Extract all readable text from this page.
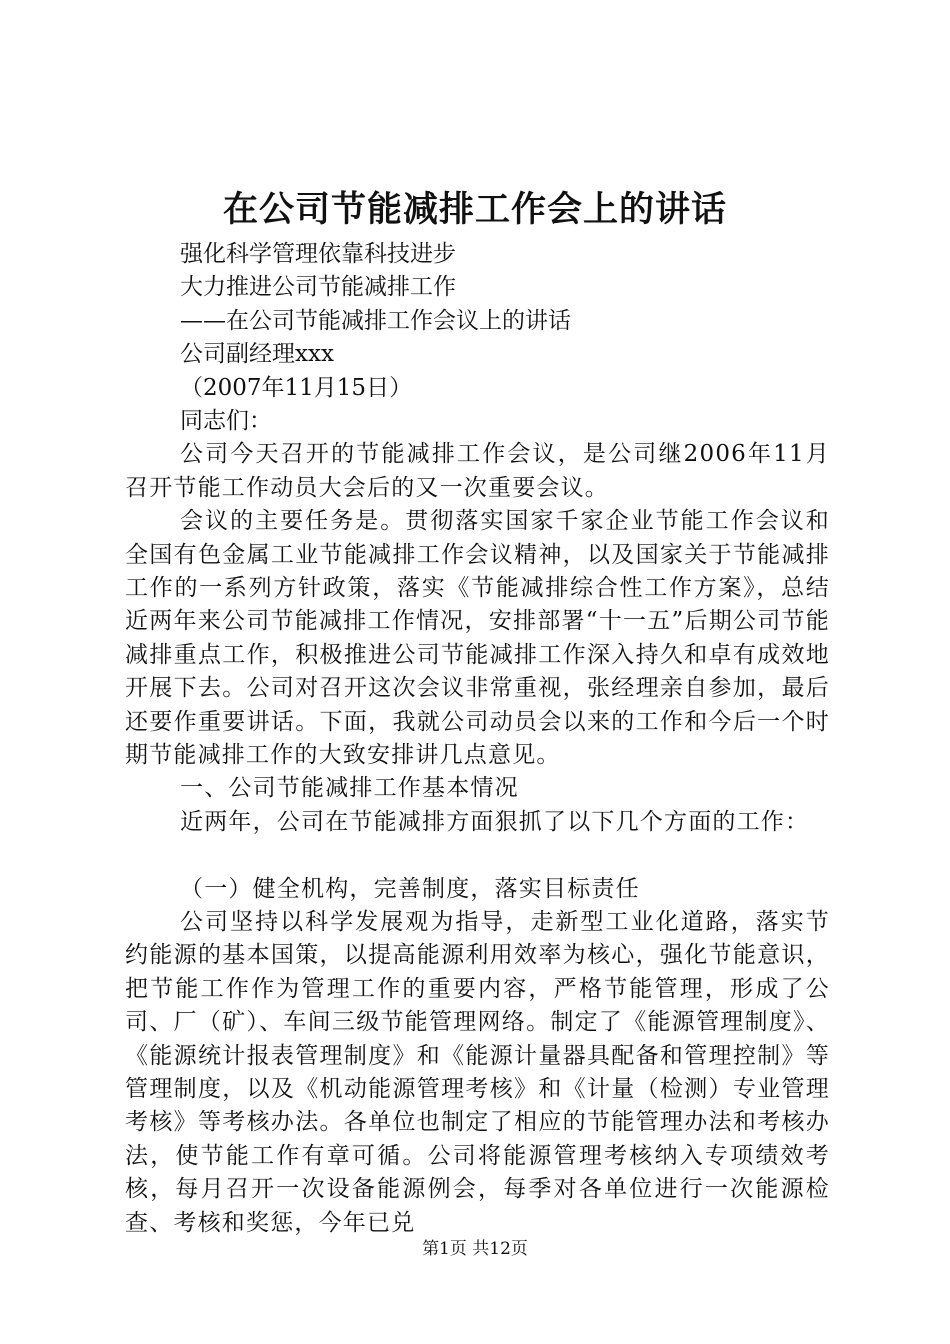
在公司节能减排工作会上的讲话

强化科学管理依靠科技进步

大力推进公司节能减排工作

——在公司节能减排工作会议上的讲话

公司副经理xxx

（2007年11月15日）

同志们：

公司今天召开的节能减排工作会议，是公司继2006年11月召开节能工作动员大会后的又一次重要会议。

会议的主要任务是。贯彻落实国家千家企业节能工作会议和全国有色金属工业节能减排工作会议精神，以及国家关于节能减排工作的一系列方针政策，落实《节能减排综合性工作方案》，总结近两年来公司节能减排工作情况，安排部署“十一五”后期公司节能减排重点工作，积极推进公司节能减排工作深入持久和卓有成效地开展下去。公司对召开这次会议非常重视，张经理亲自参加，最后还要作重要讲话。下面，我就公司动员会以来的工作和今后一个时期节能减排工作的大致安排讲几点意见。

一、公司节能减排工作基本情况

近两年，公司在节能减排方面狠抓了以下几个方面的工作：

（一）健全机构，完善制度，落实目标责任

公司坚持以科学发展观为指导，走新型工业化道路，落实节约能源的基本国策，以提高能源利用效率为核心，强化节能意识，把节能工作作为管理工作的重要内容，严格节能管理，形成了公司、厂（矿）、车间三级节能管理网络。制定了《能源管理制度》、《能源统计报表管理制度》和《能源计量器具配备和管理控制》等管理制度，以及《机动能源管理考核》和《计量（检测）专业管理考核》等考核办法。各单位也制定了相应的节能管理办法和考核办法，使节能工作有章可循。公司将能源管理考核纳入专项绩效考核，每月召开一次设备能源例会，每季对各单位进行一次能源检查、考核和奖惩，今年已兑

第1页 共12页
